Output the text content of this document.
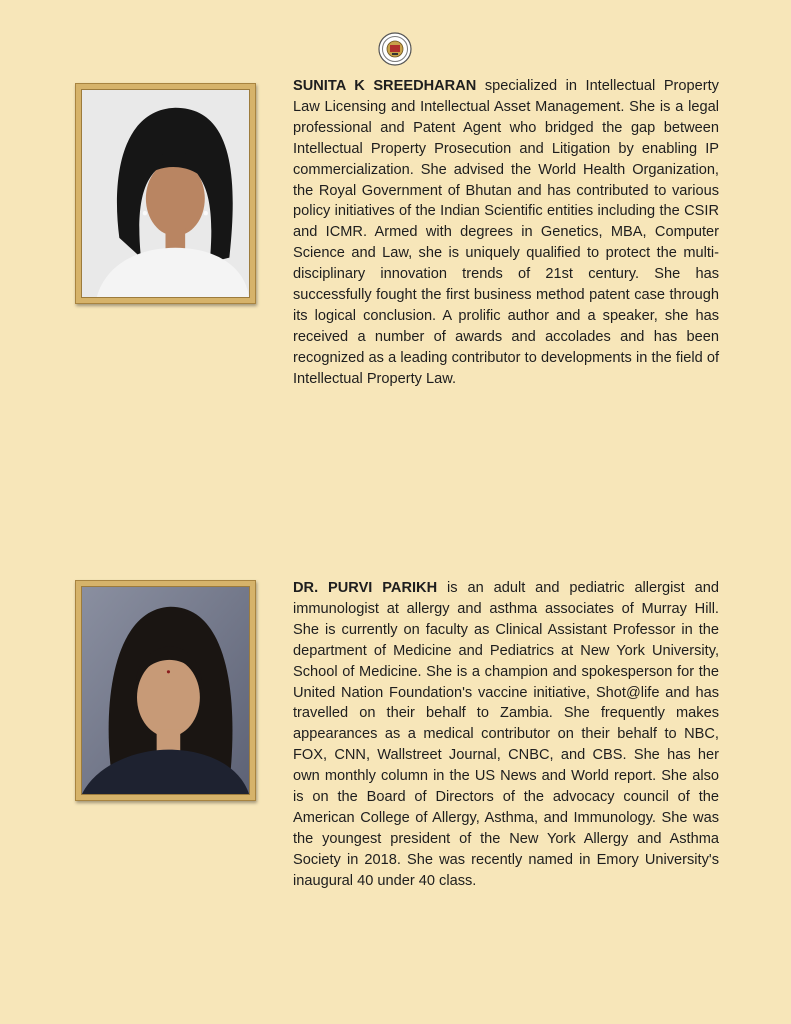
SUNITA K SREEDHARAN specialized in Intellectual Property Law Licensing and Intellectual Asset Management. She is a legal professional and Patent Agent who bridged the gap between Intellectual Property Prosecution and Litigation by enabling IP commercialization. She advised the World Health Organization, the Royal Government of Bhutan and has contributed to various policy initiatives of the Indian Scientific entities including the CSIR and ICMR. Armed with degrees in Genetics, MBA, Computer Science and Law, she is uniquely qualified to protect the multi-disciplinary innovation trends of 21st century. She has successfully fought the first business method patent case through its logical conclusion. A prolific author and a speaker, she has received a number of awards and accolades and has been recognized as a leading contributor to developments in the field of Intellectual Property Law.

DR. PURVI PARIKH is an adult and pediatric allergist and immunologist at allergy and asthma associates of Murray Hill. She is currently on faculty as Clinical Assistant Professor in the department of Medicine and Pediatrics at New York University, School of Medicine. She is a champion and spokesperson for the United Nation Foundation's vaccine initiative, Shot@life and has travelled on their behalf to Zambia. She frequently makes appearances as a medical contributor on their behalf to NBC, FOX, CNN, Wallstreet Journal, CNBC, and CBS. She has her own monthly column in the US News and World report. She also is on the Board of Directors of the advocacy council of the American College of Allergy, Asthma, and Immunology. She was the youngest president of the New York Allergy and Asthma Society in 2018. She was recently named in Emory University's inaugural 40 under 40 class.
